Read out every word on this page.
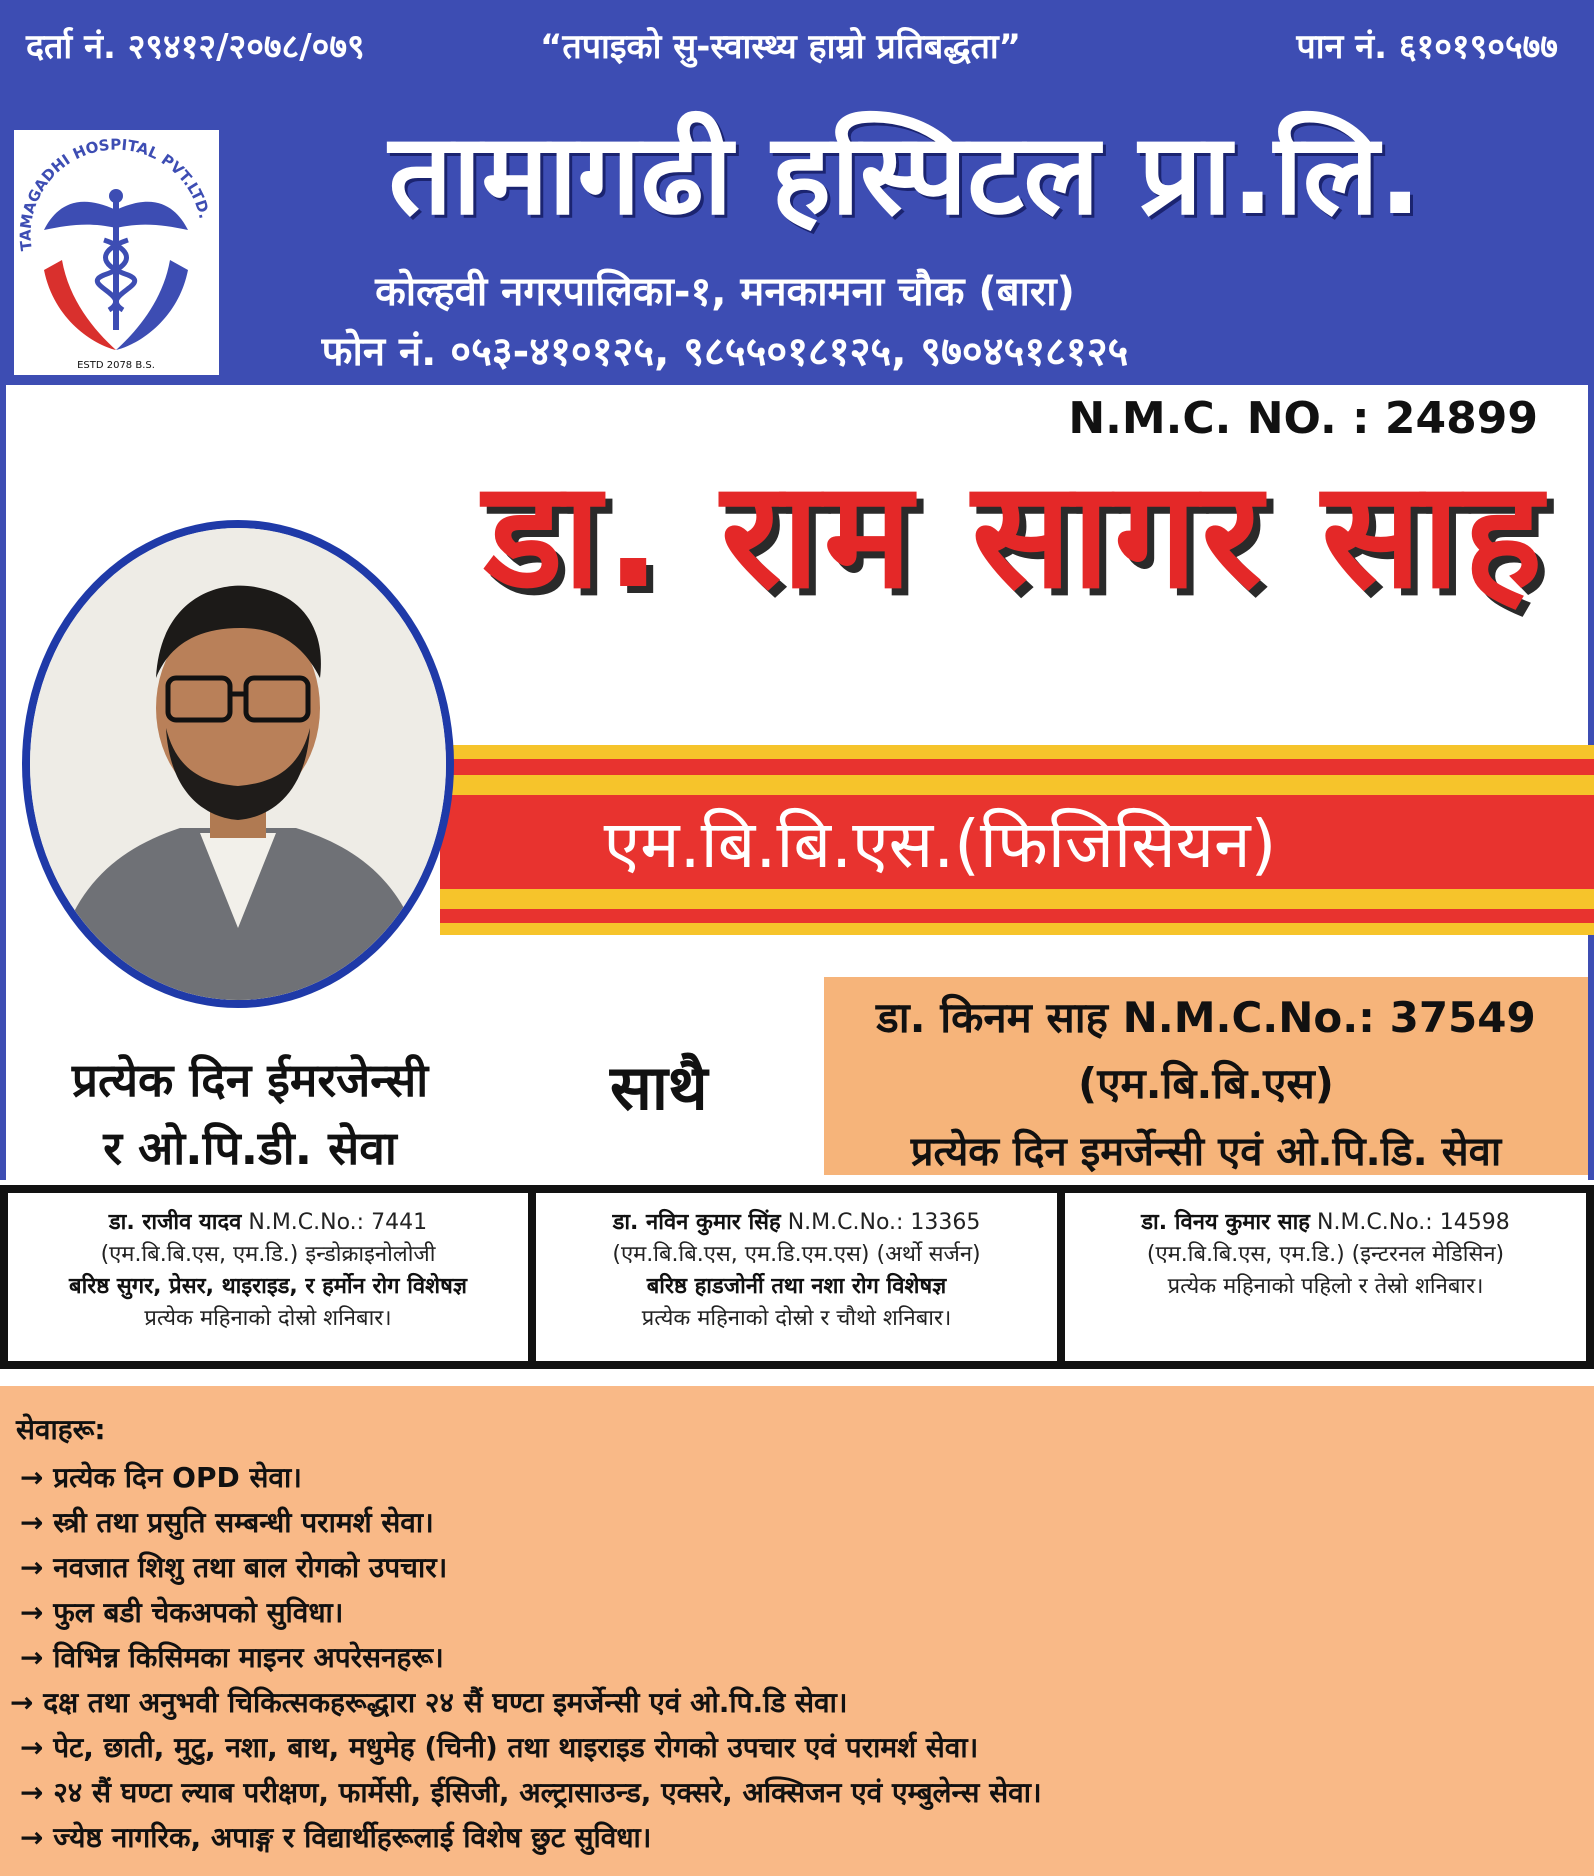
दर्ता नं. २९४१२/२०७८/०७९	“तपाइको सु-स्वास्थ्य हाम्रो प्रतिबद्धता”	पान नं. ६१०१९०५७७
TAMAGADHI HOSPITAL PVT.LTD.
ESTD 2078 B.S.
तामागढी हस्पिटल प्रा.लि.
कोल्हवी नगरपालिका-१, मनकामना चौक (बारा)
फोन नं. ०५३-४१०१२५, ९८५५०१८१२५, ९७०४५१८१२५
N.M.C. NO. : 24899
डा. राम सागर साह
एम.बि.बि.एस.(फिजिसियन)
प्रत्येक दिन ईमरजेन्सी
र ओ.पि.डी. सेवा
साथै
डा. किनम साह N.M.C.No.: 37549
(एम.बि.बि.एस)
प्रत्येक दिन इमर्जेन्सी एवं ओ.पि.डि. सेवा
डा. राजीव यादव N.M.C.No.: 7441
(एम.बि.बि.एस, एम.डि.) इन्डोक्राइनोलोजी
बरिष्ठ सुगर, प्रेसर, थाइराइड, र हर्मोन रोग विशेषज्ञ
प्रत्येक महिनाको दोस्रो शनिबार।
डा. नविन कुमार सिंह N.M.C.No.: 13365
(एम.बि.बि.एस, एम.डि.एम.एस) (अर्थो सर्जन)
बरिष्ठ हाडजोर्नी तथा नशा रोग विशेषज्ञ
प्रत्येक महिनाको दोस्रो र चौथो शनिबार।
डा. विनय कुमार साह N.M.C.No.: 14598
(एम.बि.बि.एस, एम.डि.) (इन्टरनल मेडिसिन)
प्रत्येक महिनाको पहिलो र तेस्रो शनिबार।
सेवाहरू:
→ प्रत्येक दिन OPD सेवा।
→ स्त्री तथा प्रसुति सम्बन्धी परामर्श सेवा।
→ नवजात शिशु तथा बाल रोगको उपचार।
→ फुल बडी चेकअपको सुविधा।
→ विभिन्न किसिमका माइनर अपरेसनहरू।
→ दक्ष तथा अनुभवी चिकित्सकहरूद्धारा २४ सैं घण्टा इमर्जेन्सी एवं ओ.पि.डि सेवा।
→ पेट, छाती, मुटु, नशा, बाथ, मधुमेह (चिनी) तथा थाइराइड रोगको उपचार एवं परामर्श सेवा।
→ २४ सैं घण्टा ल्याब परीक्षण, फार्मेसी, ईसिजी, अल्ट्रासाउन्ड, एक्सरे, अक्सिजन एवं एम्बुलेन्स सेवा।
→ ज्येष्ठ नागरिक, अपाङ्ग र विद्यार्थीहरूलाई विशेष छुट सुविधा।
